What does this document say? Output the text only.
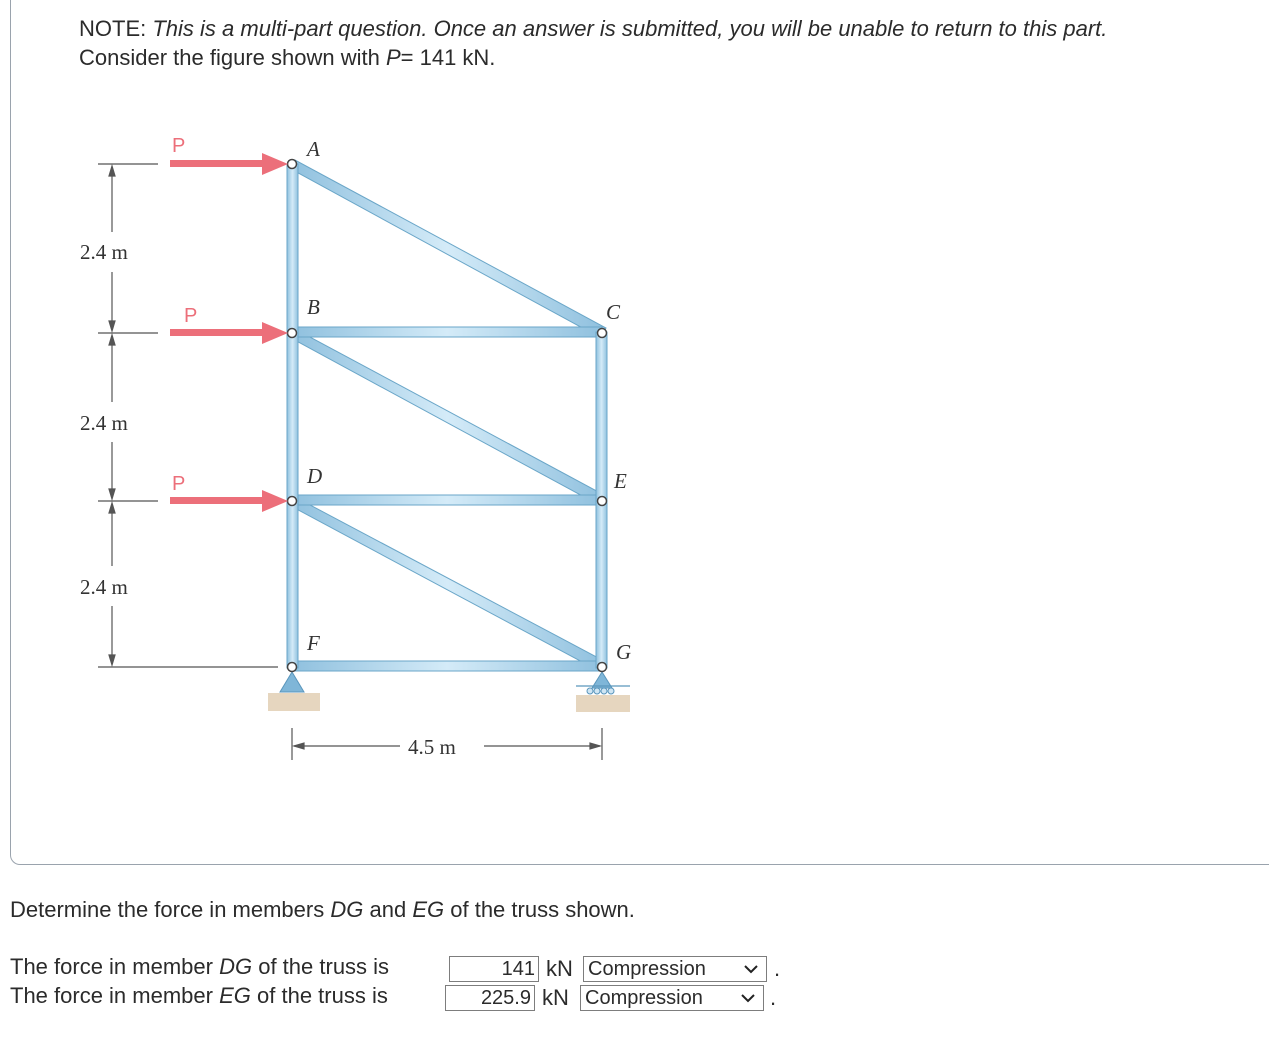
NOTE: This is a multi-part question. Once an answer is submitted, you will be unable to return to this part.
Consider the figure shown with P= 141 kN.
2.4 m
2.4 m
2.4 m
4.5 m
P
P
P
A
B	C
D	E
F	G
Determine the force in members DG and EG of the truss shown.
The force in member DG of the truss is	141 kN Compression	.
The force in member EG of the truss is	225.9 kN Compression	.
